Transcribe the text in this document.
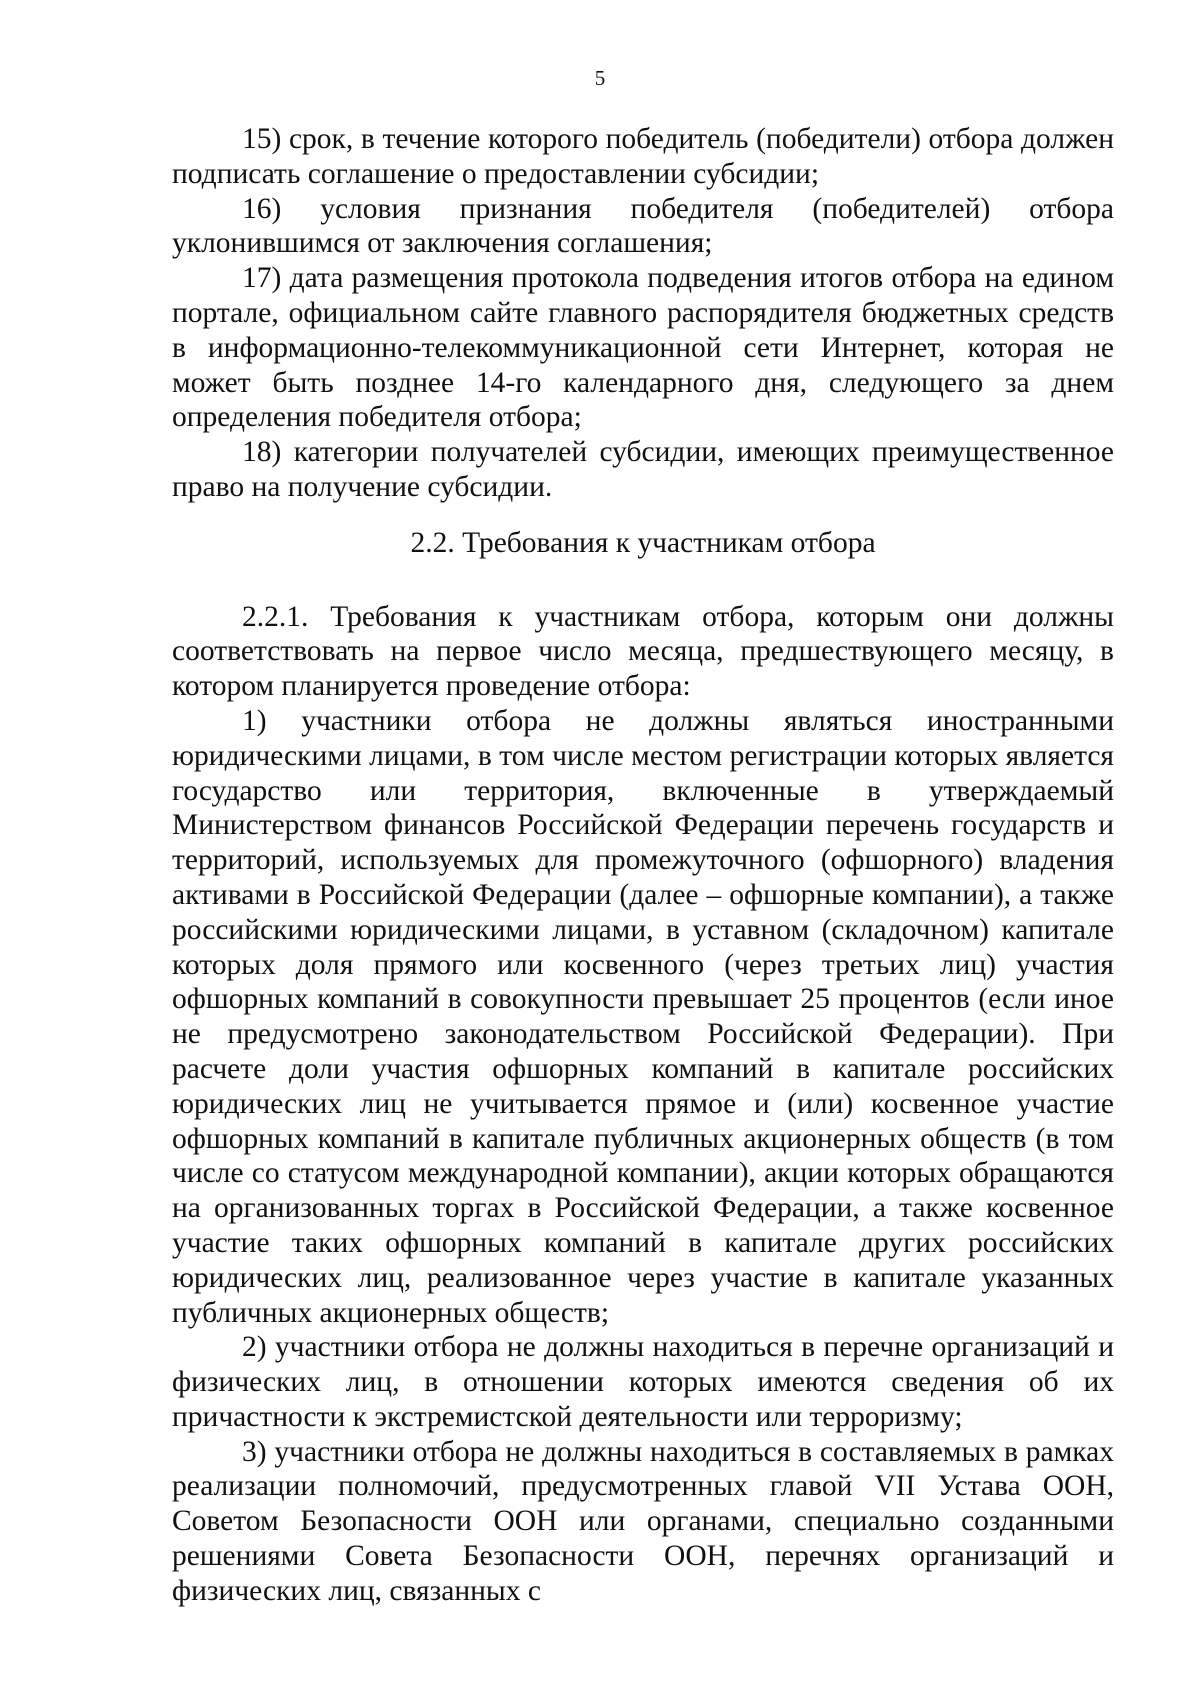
5

15) срок, в течение которого победитель (победители) отбора должен подписать соглашение о предоставлении субсидии;

16) условия признания победителя (победителей) отбора уклонившимся от заключения соглашения;

17) дата размещения протокола подведения итогов отбора на едином портале, официальном сайте главного распорядителя бюджетных средств в информационно-телекоммуникационной сети Интернет, которая не может быть позднее 14-го календарного дня, следующего за днем определения победителя отбора;

18) категории получателей субсидии, имеющих преимущественное право на получение субсидии.

2.2. Требования к участникам отбора

2.2.1. Требования к участникам отбора, которым они должны соответствовать на первое число месяца, предшествующего месяцу, в котором планируется проведение отбора:

1) участники отбора не должны являться иностранными юридическими лицами, в том числе местом регистрации которых является государство или территория, включенные в утверждаемый Министерством финансов Российской Федерации перечень государств и территорий, используемых для промежуточного (офшорного) владения активами в Российской Федерации (далее – офшорные компании), а также российскими юридическими лицами, в уставном (складочном) капитале которых доля прямого или косвенного (через третьих лиц) участия офшорных компаний в совокупности превышает 25 процентов (если иное не предусмотрено законодательством Российской Федерации). При расчете доли участия офшорных компаний в капитале российских юридических лиц не учитывается прямое и (или) косвенное участие офшорных компаний в капитале публичных акционерных обществ (в том числе со статусом международной компании), акции которых обращаются на организованных торгах в Российской Федерации, а также косвенное участие таких офшорных компаний в капитале других российских юридических лиц, реализованное через участие в капитале указанных публичных акционерных обществ;

2) участники отбора не должны находиться в перечне организаций и физических лиц, в отношении которых имеются сведения об их причастности к экстремистской деятельности или терроризму;

3) участники отбора не должны находиться в составляемых в рамках реализации полномочий, предусмотренных главой VII Устава ООН, Советом Безопасности ООН или органами, специально созданными решениями Совета Безопасности ООН, перечнях организаций и физических лиц, связанных с
